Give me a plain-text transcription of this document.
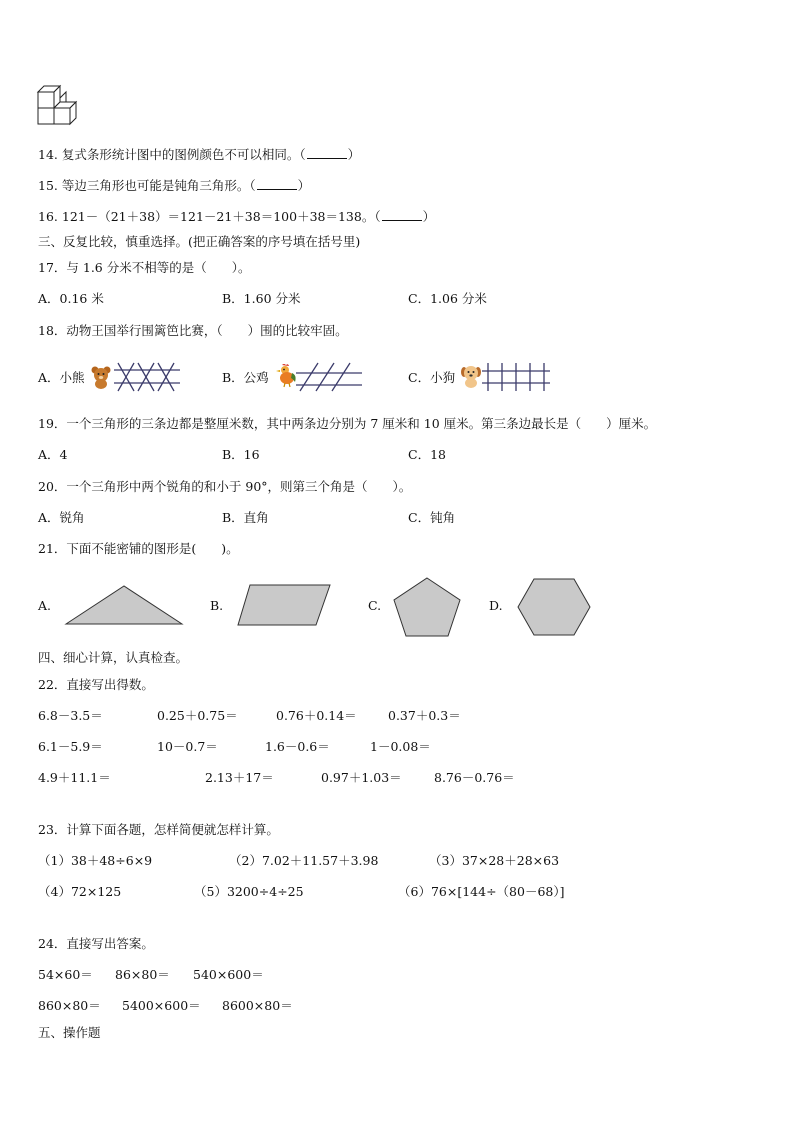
14. 复式条形统计图中的图例颜色不可以相同。（	）
15. 等边三角形也可能是钝角三角形。（	）
16. 121－（21＋38）＝121－21＋38＝100＋38＝138。（	）
三、反复比较，慎重选择。(把正确答案的序号填在括号里)
17．与 1.6 分米不相等的是（　　）。
A．0.16 米	B．1.60 分米	C．1.06 分米
18．动物王国举行围篱笆比赛，（　　）围的比较牢固。
A．小熊	B．公鸡	C．小狗
19．一个三角形的三条边都是整厘米数，其中两条边分别为 7 厘米和 10 厘米。第三条边最长是（　　）厘米。
A．4	B．16	C．18
20．一个三角形中两个锐角的和小于 90°，则第三个角是（　　）。
A．锐角	B．直角	C．钝角
21．下面不能密铺的图形是(　　)。
A.	B.	C.	D.
四、细心计算，认真检查。
22．直接写出得数。
6.8－3.5＝	0.25＋0.75＝	0.76＋0.14＝	0.37＋0.3＝
6.1－5.9＝	10－0.7＝	1.6－0.6＝	1－0.08＝
4.9＋11.1＝	2.13＋17＝	0.97＋1.03＝	8.76－0.76＝
23．计算下面各题，怎样简便就怎样计算。
（1）38＋48÷6×9	（2）7.02＋11.57＋3.98	（3）37×28＋28×63
（4）72×125	（5）3200÷4÷25	（6）76×[144÷（80－68）]
24．直接写出答案。
54×60＝ 86×80＝ 540×600＝
860×80＝ 5400×600＝ 8600×80＝
五、操作题
